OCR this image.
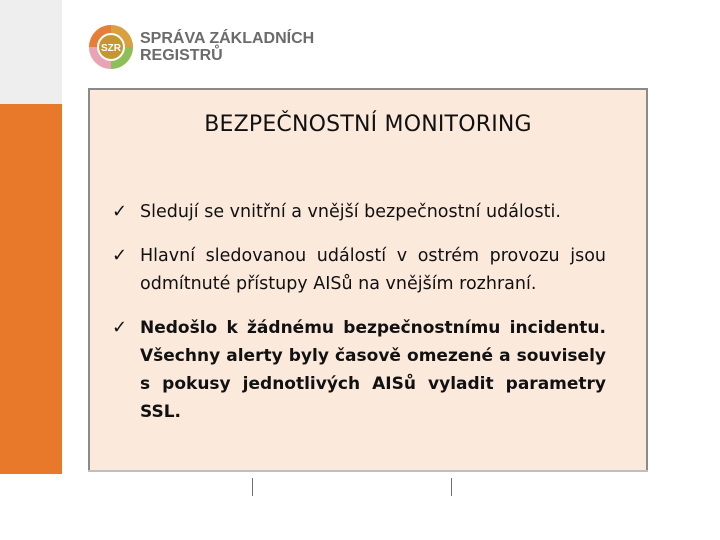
SZR
SPRÁVA ZÁKLADNÍCH
REGISTRŮ
BEZPEČNOSTNÍ MONITORING
✓ Sledují se vnitřní a vnější bezpečnostní události.
✓ Hlavní sledovanou událostí v ostrém provozu jsou odmítnuté přístupy AISů na vnějším rozhraní.
✓ Nedošlo k žádnému bezpečnostnímu incidentu. Všechny alerty byly časově omezené a souvisely s pokusy jednotlivých AISů vyladit parametry SSL.
